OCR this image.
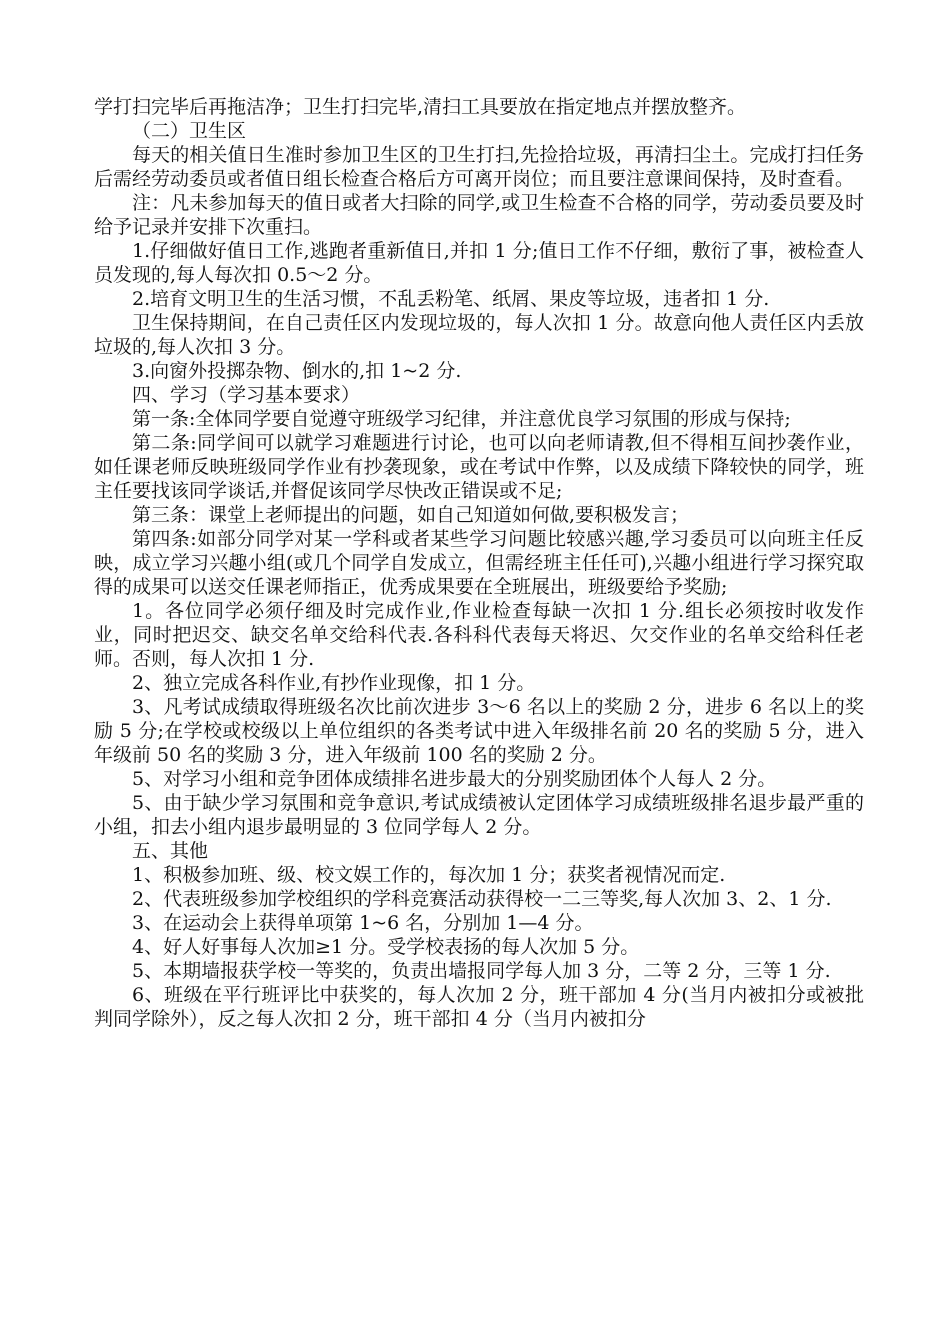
学打扫完毕后再拖洁净；卫生打扫完毕,清扫工具要放在指定地点并摆放整齐。

（二）卫生区

每天的相关值日生准时参加卫生区的卫生打扫,先捡拾垃圾，再清扫尘土。完成打扫任务后需经劳动委员或者值日组长检查合格后方可离开岗位；而且要注意课间保持，及时查看。

注：凡未参加每天的值日或者大扫除的同学,或卫生检查不合格的同学，劳动委员要及时给予记录并安排下次重扫。

1.仔细做好值日工作,逃跑者重新值日,并扣 1 分;值日工作不仔细，敷衍了事，被检查人员发现的,每人每次扣 0.5～2 分。

2.培育文明卫生的生活习惯，不乱丢粉笔、纸屑、果皮等垃圾，违者扣 1 分.

卫生保持期间，在自己责任区内发现垃圾的，每人次扣 1 分。故意向他人责任区内丢放垃圾的,每人次扣 3 分。

3.向窗外投掷杂物、倒水的,扣 1~2 分.

四、学习（学习基本要求）

第一条:全体同学要自觉遵守班级学习纪律，并注意优良学习氛围的形成与保持;

第二条:同学间可以就学习难题进行讨论，也可以向老师请教,但不得相互间抄袭作业，如任课老师反映班级同学作业有抄袭现象，或在考试中作弊，以及成绩下降较快的同学，班主任要找该同学谈话,并督促该同学尽快改正错误或不足;

第三条：课堂上老师提出的问题，如自己知道如何做,要积极发言；

第四条:如部分同学对某一学科或者某些学习问题比较感兴趣,学习委员可以向班主任反映，成立学习兴趣小组(或几个同学自发成立，但需经班主任任可),兴趣小组进行学习探究取得的成果可以送交任课老师指正，优秀成果要在全班展出，班级要给予奖励;

1。各位同学必须仔细及时完成作业,作业检查每缺一次扣 1 分.组长必须按时收发作业，同时把迟交、缺交名单交给科代表.各科科代表每天将迟、欠交作业的名单交给科任老师。否则，每人次扣 1 分.

2、独立完成各科作业,有抄作业现像，扣 1 分。

3、凡考试成绩取得班级名次比前次进步 3～6 名以上的奖励 2 分，进步 6 名以上的奖励 5 分;在学校或校级以上单位组织的各类考试中进入年级排名前 20 名的奖励 5 分，进入年级前 50 名的奖励 3 分，进入年级前 100 名的奖励 2 分。

5、对学习小组和竞争团体成绩排名进步最大的分别奖励团体个人每人 2 分。

5、由于缺少学习氛围和竞争意识,考试成绩被认定团体学习成绩班级排名退步最严重的小组，扣去小组内退步最明显的 3 位同学每人 2 分。

五、其他

1、积极参加班、级、校文娱工作的，每次加 1 分；获奖者视情况而定.

2、代表班级参加学校组织的学科竞赛活动获得校一二三等奖,每人次加 3、2、1 分.

3、在运动会上获得单项第 1~6 名，分别加 1—4 分。

4、好人好事每人次加≥1 分。受学校表扬的每人次加 5 分。

5、本期墙报获学校一等奖的，负责出墙报同学每人加 3 分，二等 2 分，三等 1 分.

6、班级在平行班评比中获奖的，每人次加 2 分，班干部加 4 分(当月内被扣分或被批判同学除外），反之每人次扣 2 分，班干部扣 4 分（当月内被扣分
